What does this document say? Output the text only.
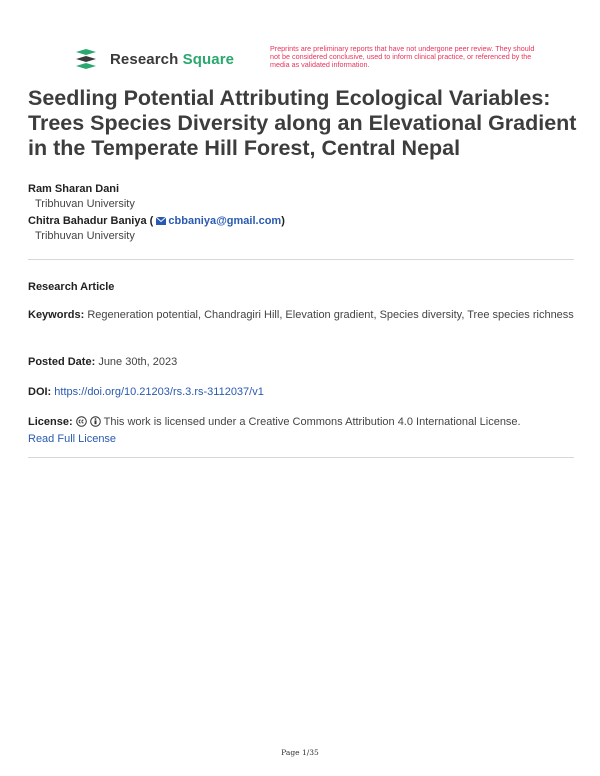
Research Square
Preprints are preliminary reports that have not undergone peer review. They should not be considered conclusive, used to inform clinical practice, or referenced by the media as validated information.
Seedling Potential Attributing Ecological Variables: Trees Species Diversity along an Elevational Gradient in the Temperate Hill Forest, Central Nepal
Ram Sharan Dani
Tribhuvan University
Chitra Bahadur Baniya ( cbbaniya@gmail.com)
Tribhuvan University
Research Article
Keywords: Regeneration potential, Chandragiri Hill, Elevation gradient, Species diversity, Tree species richness
Posted Date: June 30th, 2023
DOI: https://doi.org/10.21203/rs.3.rs-3112037/v1
License:	This work is licensed under a Creative Commons Attribution 4.0 International License.
Read Full License
Page 1/35
